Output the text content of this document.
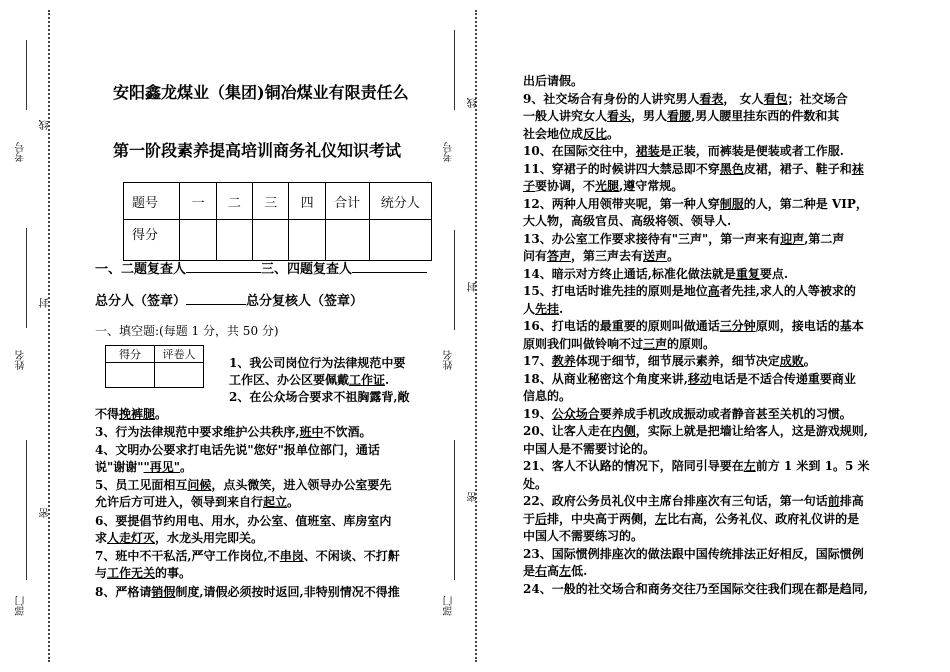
考号
线
姓名
封
密
部门
安阳鑫龙煤业（集团)铜冶煤业有限责任么
第一阶段素养提高培训商务礼仪知识考试
题号	一	二	三	四	合计	统分人
得分						
一、二题复查人	三、四题复查人
总分人（签章）	总分复核人（签章）
一、填空题:(每题 1 分，共 50 分)
得分	评卷人

1、我公司岗位行为法律规范中要
工作区、办公区要佩戴工作证.
2、在公众场合要求不祖胸露背,敞
不得挽裤腿。
3、行为法律规范中要求维护公共秩序,班中不饮酒。
4、文明办公要求打电话先说"您好"报单位部门，通话
说"谢谢""再见"。
5、员工见面相互问候，点头微笑，进入领导办公室要先
允许后方可进入，领导到来自行起立。
6、要提倡节约用电、用水，办公室、值班室、库房室内
求人走灯灭，水龙头用完即关。
7、班中不干私活,严守工作岗位,不串岗、不闲谈、不打鼾
与工作无关的事。
8、严格请销假制度,请假必须按时返回,非特别情况不得推
考号
线
姓名
封
密
部门
出后请假。
9、社交场合有身份的人讲究男人看表， 女人看包；社交场合
一般人讲究女人看头，男人看腰,男人腰里挂东西的件数和其
社会地位成反比。
10、在国际交往中，裙装是正装，而裤装是便装或者工作服.
11、穿裙子的时候讲四大禁忌即不穿黑色皮裙，裙子、鞋子和袜
子要协调，不光腿,遵守常规。
12、两种人用领带夹呢，第一种人穿制服的人，第二种是 VIP，
大人物，高级官员、高级将领、领导人.
13、办公室工作要求接待有"三声"，第一声来有迎声,第二声
问有答声，第三声去有送声。
14、暗示对方终止通话,标准化做法就是重复要点.
15、打电话时谁先挂的原则是地位高者先挂,求人的人等被求的
人先挂.
16、打电话的最重要的原则叫做通话三分钟原则，接电话的基本
原则我们叫做铃响不过三声的原则。
17、教养体现于细节，细节展示素养，细节决定成败。
18、从商业秘密这个角度来讲,移动电话是不适合传递重要商业
信息的。
19、公众场合要养成手机改成振动或者静音甚至关机的习惯。
20、让客人走在内侧，实际上就是把墙让给客人，这是游戏规则,
中国人是不需要讨论的。
21、客人不认路的情况下，陪同引导要在左前方 1 米到 1。5 米
处。
22、政府公务员礼仪中主席台排座次有三句话，第一句话前排高
于后排，中央高于两侧，左比右高，公务礼仪、政府礼仪讲的是
中国人不需要练习的。
23、国际惯例排座次的做法跟中国传统排法正好相反，国际惯例
是右高左低.
24、一般的社交场合和商务交往乃至国际交往我们现在都是趋同,
